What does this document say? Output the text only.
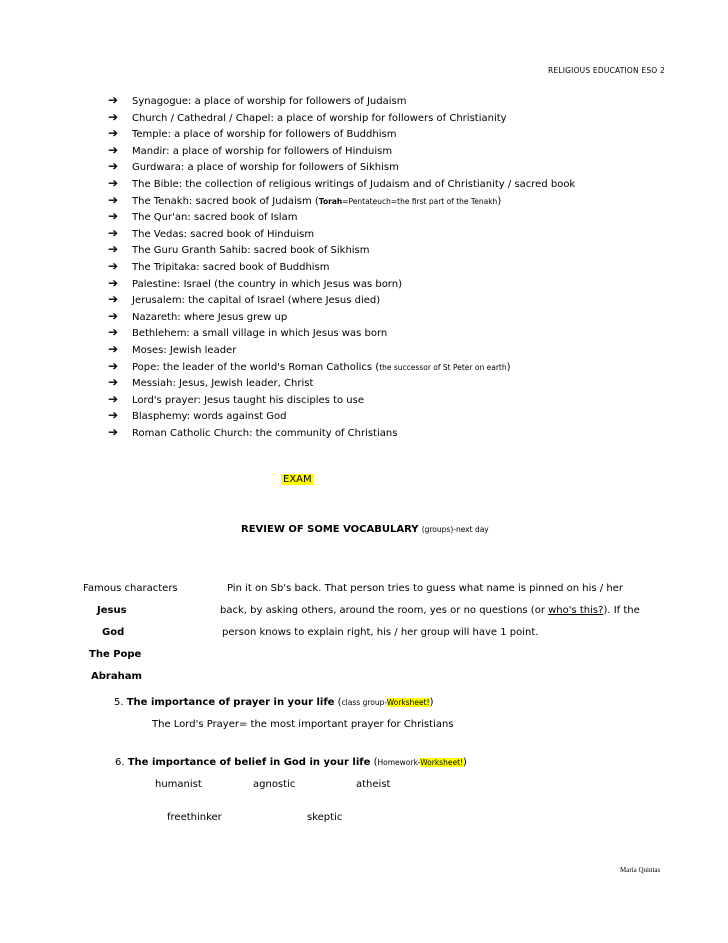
RELIGIOUS EDUCATION ESO 2
➔ Synagogue: a place of worship for followers of Judaism
➔ Church / Cathedral / Chapel: a place of worship for followers of Christianity
➔ Temple: a place of worship for followers of Buddhism
➔ Mandir: a place of worship for followers of Hinduism
➔ Gurdwara: a place of worship for followers of Sikhism
➔ The Bible: the collection of religious writings of Judaism and of Christianity / sacred book
➔ The Tenakh: sacred book of Judaism (Torah=Pentateuch=the first part of the Tenakh)
➔ The Qur'an: sacred book of Islam
➔ The Vedas: sacred book of Hinduism
➔ The Guru Granth Sahib: sacred book of Sikhism
➔ The Tripitaka: sacred book of Buddhism
➔ Palestine: Israel (the country in which Jesus was born)
➔ Jerusalem: the capital of Israel (where Jesus died)
➔ Nazareth: where Jesus grew up
➔ Bethlehem: a small village in which Jesus was born
➔ Moses: Jewish leader
➔ Pope: the leader of the world's Roman Catholics (the successor of St Peter on earth)
➔ Messiah: Jesus, Jewish leader, Christ
➔ Lord's prayer: Jesus taught his disciples to use
➔ Blasphemy: words against God
➔ Roman Catholic Church: the community of Christians
EXAM
REVIEW OF SOME VOCABULARY (groups)-next day
Famous characters	Pin it on Sb's back. That person tries to guess what name is pinned on his / her
Jesus	back, by asking others, around the room, yes or no questions (or who's this?). If the
God	person knows to explain right, his / her group will have 1 point.
The Pope
Abraham
5. The importance of prayer in your life (class group-Worksheet!)
The Lord's Prayer= the most important prayer for Christians
6. The importance of belief in God in your life (Homework-Worksheet!)
humanist	agnostic	atheist
freethinker	skeptic
María Quintas
